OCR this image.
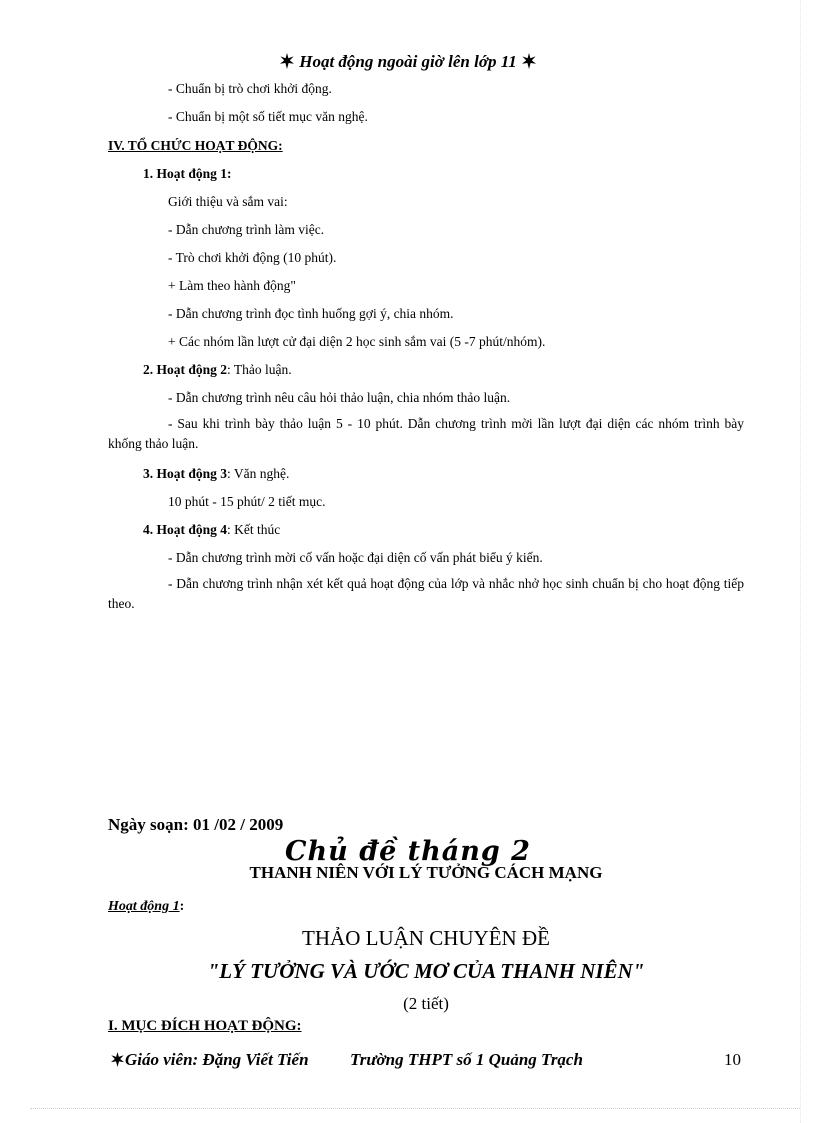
Hoạt động ngoài giờ lên lớp 11
- Chuẩn bị trò chơi khởi động.
- Chuẩn bị một số tiết mục văn nghệ.
IV. TỔ CHỨC HOẠT ĐỘNG:
1. Hoạt động 1:
Giới thiệu và sắm vai:
- Dẫn chương trình làm việc.
- Trò chơi khởi động (10 phút).
+ Làm theo hành động"
- Dẫn chương trình đọc tình huống gợi ý, chia nhóm.
+ Các nhóm lần lượt cử đại diện 2 học sinh sắm vai (5 -7 phút/nhóm).
2. Hoạt động 2: Thảo luận.
- Dẫn chương trình nêu câu hỏi thảo luận, chia nhóm thảo luận.
- Sau khi trình bày thảo luận 5 - 10 phút. Dẫn chương trình mời lần lượt đại diện các nhóm trình bày khống thảo luận.
3. Hoạt động 3: Văn nghệ.
10 phút - 15 phút/ 2 tiết mục.
4. Hoạt động 4: Kết thúc
- Dẫn chương trình mời cố vấn hoặc đại diện cố vấn phát biểu ý kiến.
- Dẫn chương trình nhận xét kết quả hoạt động của lớp và nhắc nhở học sinh chuẩn bị cho hoạt động tiếp theo.
Ngày soạn: 01 /02 / 2009
Chủ đề tháng 2
THANH NIÊN VỚI LÝ TƯỞNG CÁCH MẠNG
Hoạt động 1:
THẢO LUẬN CHUYÊN ĐỀ
"LÝ TƯỞNG VÀ ƯỚC MƠ CỦA THANH NIÊN"
(2 tiết)
I. MỤC ĐÍCH HOẠT ĐỘNG:
Giáo viên: Đặng Viết Tiến Trường THPT số 1 Quảng Trạch	10
